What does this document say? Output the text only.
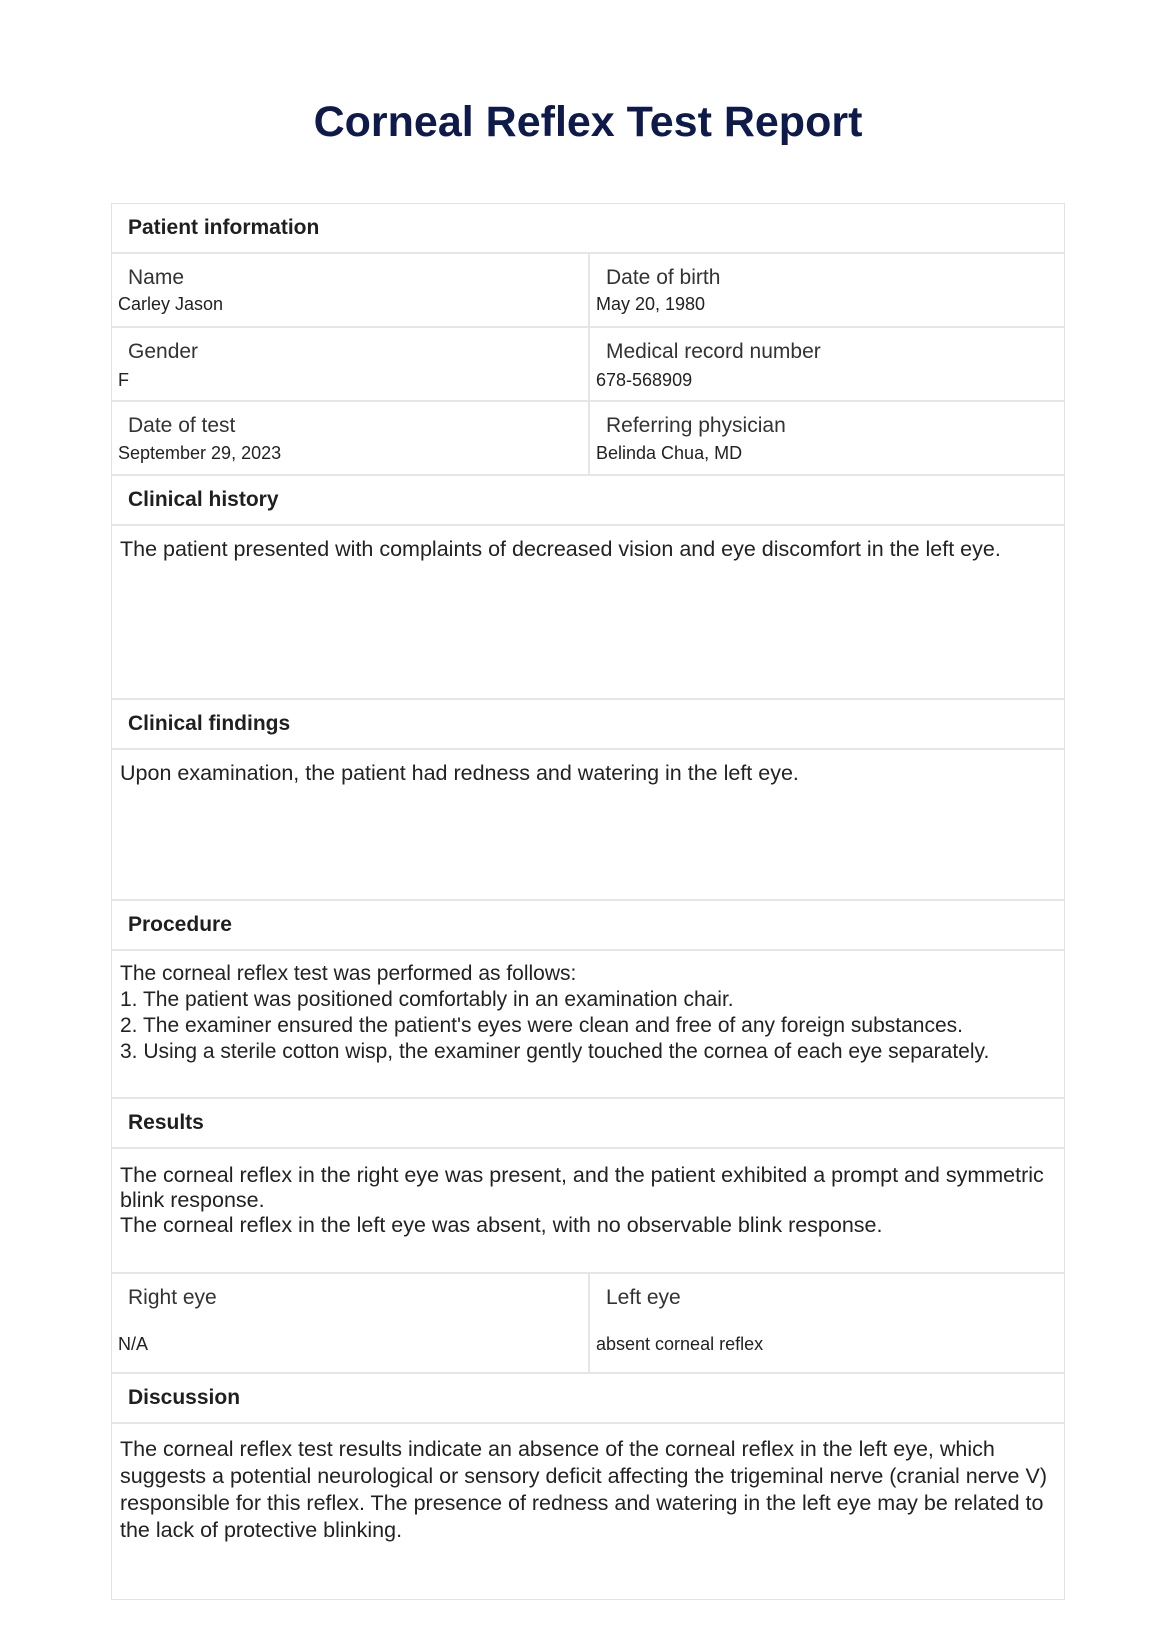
Corneal Reflex Test Report
Patient information
Name
Carley Jason
Date of birth
May 20, 1980
Gender
F
Medical record number
678-568909
Date of test
September 29, 2023
Referring physician
Belinda Chua, MD
Clinical history
The patient presented with complaints of decreased vision and eye discomfort in the left eye.
Clinical findings
Upon examination, the patient had redness and watering in the left eye.
Procedure
The corneal reflex test was performed as follows:
1. The patient was positioned comfortably in an examination chair.
2. The examiner ensured the patient's eyes were clean and free of any foreign substances.
3. Using a sterile cotton wisp, the examiner gently touched the cornea of each eye separately.
Results
The corneal reflex in the right eye was present, and the patient exhibited a prompt and symmetric blink response.
The corneal reflex in the left eye was absent, with no observable blink response.
Right eye
N/A
Left eye
absent corneal reflex
Discussion
The corneal reflex test results indicate an absence of the corneal reflex in the left eye, which suggests a potential neurological or sensory deficit affecting the trigeminal nerve (cranial nerve V) responsible for this reflex. The presence of redness and watering in the left eye may be related to the lack of protective blinking.
